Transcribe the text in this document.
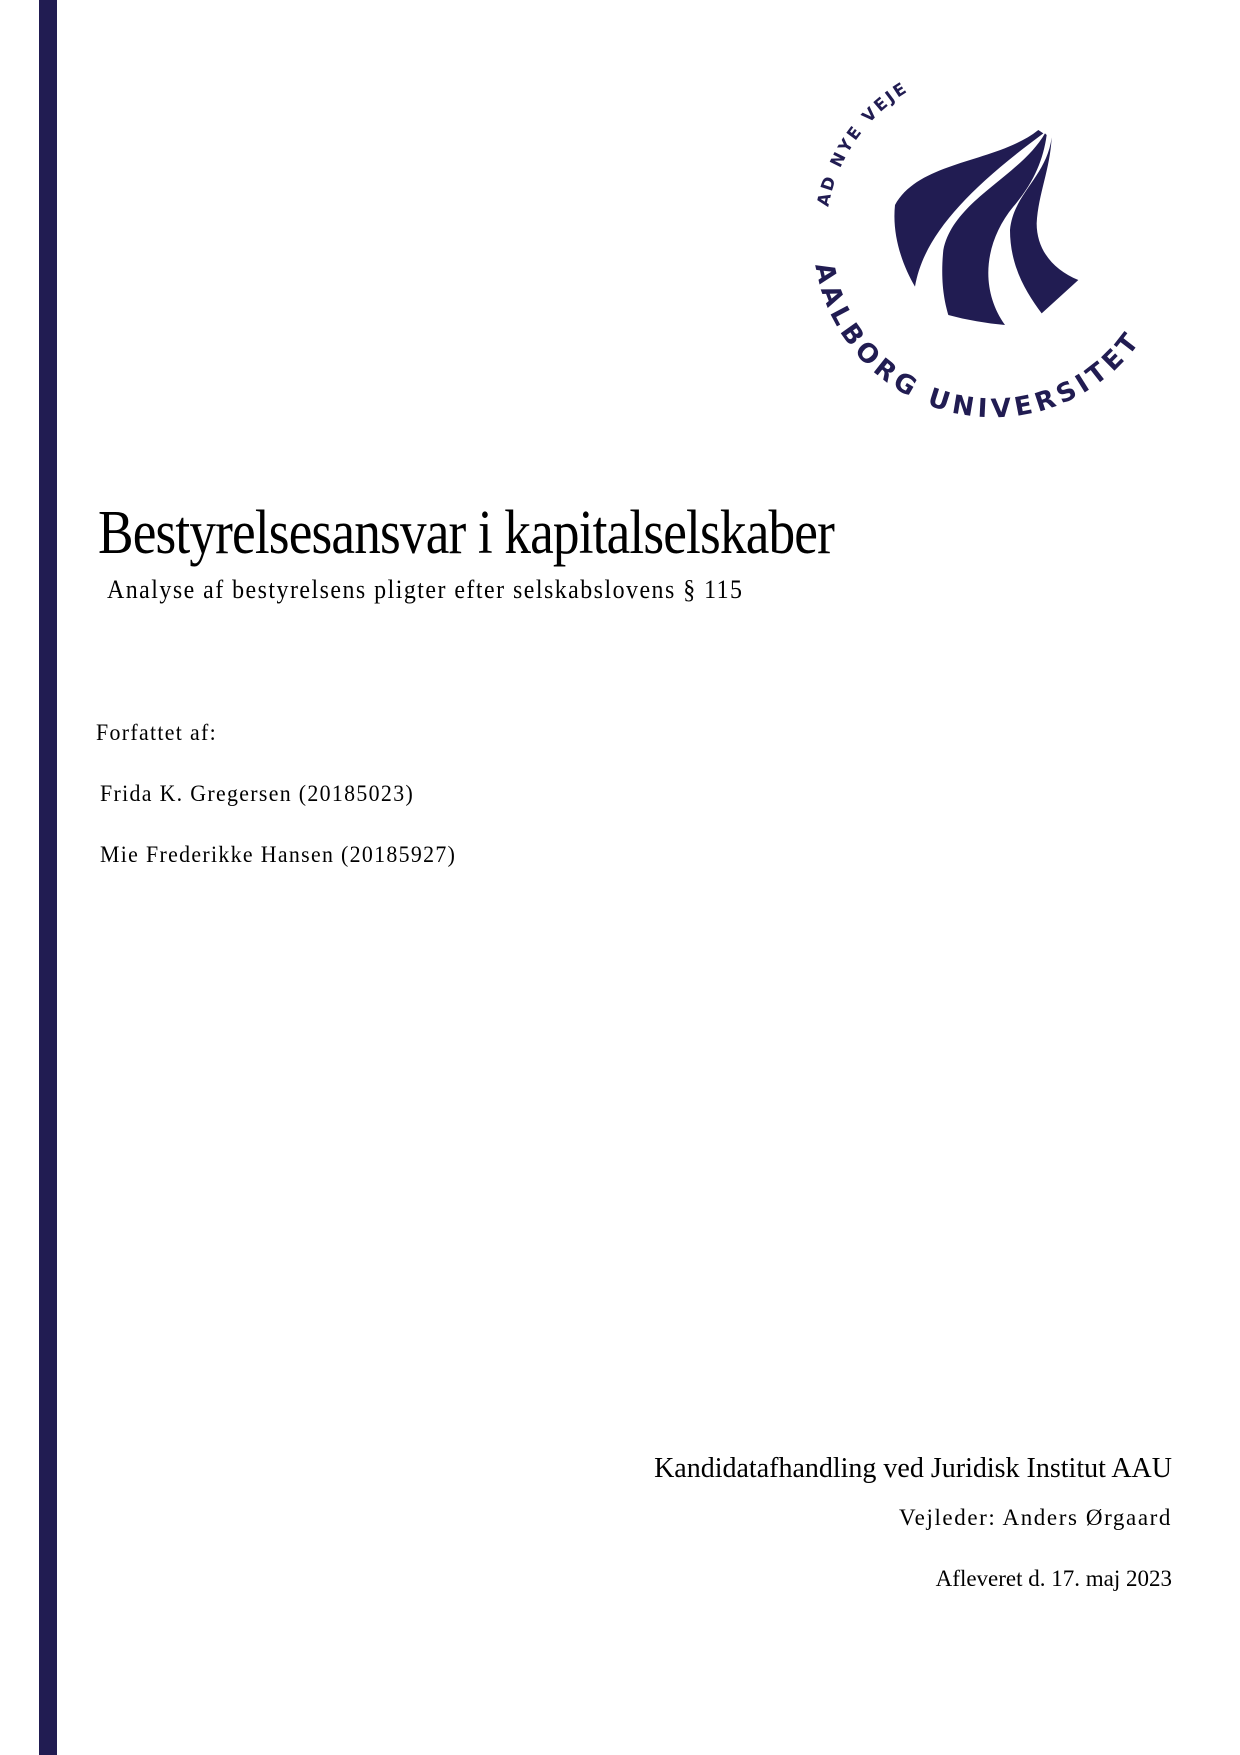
AALBORG UNIVERSITET
AD NYE VEJE
Bestyrelsesansvar i kapitalselskaber
Analyse af bestyrelsens pligter efter selskabslovens § 115
Forfattet af:
Frida K. Gregersen (20185023)
Mie Frederikke Hansen (20185927)
Kandidatafhandling ved Juridisk Institut AAU
Vejleder: Anders Ørgaard
Afleveret d. 17. maj 2023
